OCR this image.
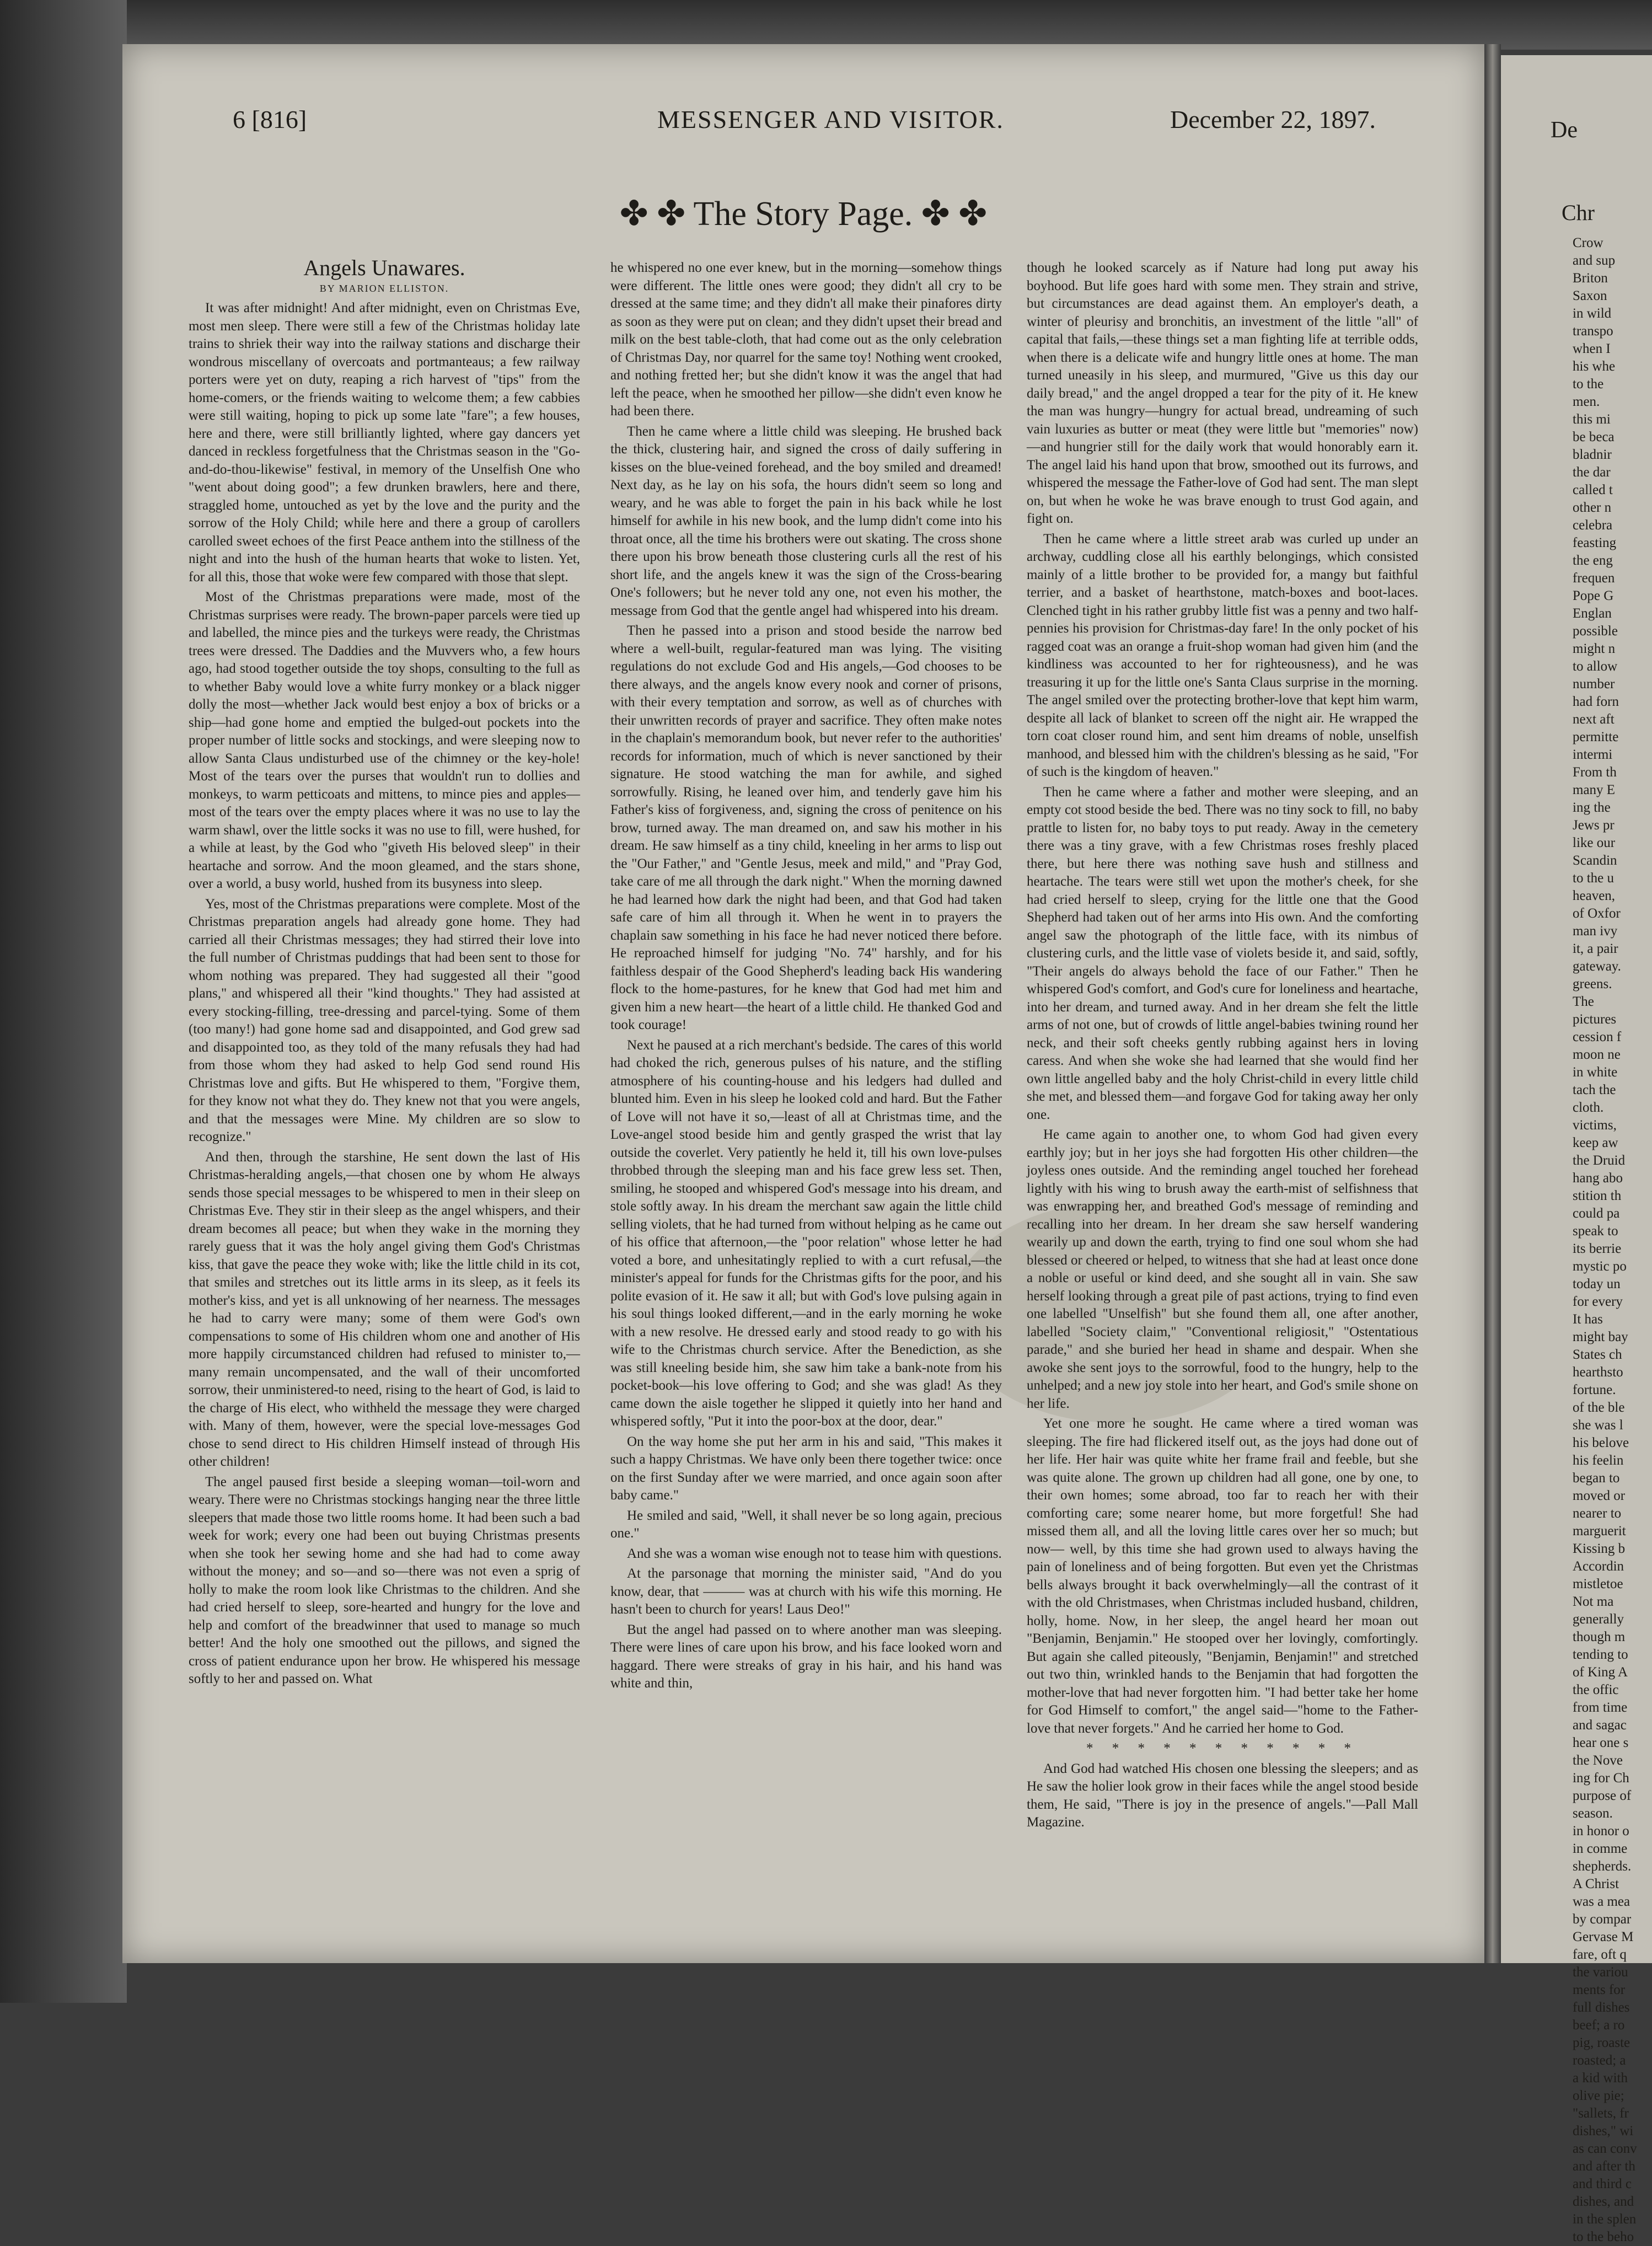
6 [816]	MESSENGER AND VISITOR.	December 22, 1897.
✤ ✤ The Story Page. ✤ ✤

Angels Unawares.

BY MARION ELLISTON.

It was after midnight! And after midnight, even on Christmas Eve, most men sleep. There were still a few of the Christmas holiday late trains to shriek their way into the railway stations and discharge their wondrous miscellany of overcoats and portmanteaus; a few railway porters were yet on duty, reaping a rich harvest of "tips" from the home-comers, or the friends waiting to welcome them; a few cabbies were still waiting, hoping to pick up some late "fare"; a few houses, here and there, were still brilliantly lighted, where gay dancers yet danced in reckless forgetfulness that the Christmas season in the "Go-and-do-thou-likewise" festival, in memory of the Unselfish One who "went about doing good"; a few drunken brawlers, here and there, straggled home, untouched as yet by the love and the purity and the sorrow of the Holy Child; while here and there a group of carollers carolled sweet echoes of the first Peace anthem into the stillness of the night and into the hush of the human hearts that woke to listen. Yet, for all this, those that woke were few compared with those that slept.

Most of the Christmas preparations were made, most of the Christmas surprises were ready. The brown-paper parcels were tied up and labelled, the mince pies and the turkeys were ready, the Christmas trees were dressed. The Daddies and the Muvvers who, a few hours ago, had stood together outside the toy shops, consulting to the full as to whether Baby would love a white furry monkey or a black nigger dolly the most—whether Jack would best enjoy a box of bricks or a ship—had gone home and emptied the bulged-out pockets into the proper number of little socks and stockings, and were sleeping now to allow Santa Claus undisturbed use of the chimney or the key-hole! Most of the tears over the purses that wouldn't run to dollies and monkeys, to warm petticoats and mittens, to mince pies and apples—most of the tears over the empty places where it was no use to lay the warm shawl, over the little socks it was no use to fill, were hushed, for a while at least, by the God who "giveth His beloved sleep" in their heartache and sorrow. And the moon gleamed, and the stars shone, over a world, a busy world, hushed from its busyness into sleep.

Yes, most of the Christmas preparations were complete. Most of the Christmas preparation angels had already gone home. They had carried all their Christmas messages; they had stirred their love into the full number of Christmas puddings that had been sent to those for whom nothing was prepared. They had suggested all their "good plans," and whispered all their "kind thoughts." They had assisted at every stocking-filling, tree-dressing and parcel-tying. Some of them (too many!) had gone home sad and disappointed, and God grew sad and disappointed too, as they told of the many refusals they had had from those whom they had asked to help God send round His Christmas love and gifts. But He whispered to them, "Forgive them, for they know not what they do. They knew not that you were angels, and that the messages were Mine. My children are so slow to recognize."

And then, through the starshine, He sent down the last of His Christmas-heralding angels,—that chosen one by whom He always sends those special messages to be whispered to men in their sleep on Christmas Eve. They stir in their sleep as the angel whispers, and their dream becomes all peace; but when they wake in the morning they rarely guess that it was the holy angel giving them God's Christmas kiss, that gave the peace they woke with; like the little child in its cot, that smiles and stretches out its little arms in its sleep, as it feels its mother's kiss, and yet is all unknowing of her nearness. The messages he had to carry were many; some of them were God's own compensations to some of His children whom one and another of His more happily circumstanced children had refused to minister to,—many remain uncompensated, and the wall of their uncomforted sorrow, their unministered-to need, rising to the heart of God, is laid to the charge of His elect, who withheld the message they were charged with. Many of them, however, were the special love-messages God chose to send direct to His children Himself instead of through His other children!

The angel paused first beside a sleeping woman—toil-worn and weary. There were no Christmas stockings hanging near the three little sleepers that made those two little rooms home. It had been such a bad week for work; every one had been out buying Christmas presents when she took her sewing home and she had had to come away without the money; and so—and so—there was not even a sprig of holly to make the room look like Christmas to the children. And she had cried herself to sleep, sore-hearted and hungry for the love and help and comfort of the breadwinner that used to manage so much better! And the holy one smoothed out the pillows, and signed the cross of patient endurance upon her brow. He whispered his message softly to her and passed on. What

he whispered no one ever knew, but in the morning—somehow things were different. The little ones were good; they didn't all cry to be dressed at the same time; and they didn't all make their pinafores dirty as soon as they were put on clean; and they didn't upset their bread and milk on the best table-cloth, that had come out as the only celebration of Christmas Day, nor quarrel for the same toy! Nothing went crooked, and nothing fretted her; but she didn't know it was the angel that had left the peace, when he smoothed her pillow—she didn't even know he had been there.

Then he came where a little child was sleeping. He brushed back the thick, clustering hair, and signed the cross of daily suffering in kisses on the blue-veined forehead, and the boy smiled and dreamed! Next day, as he lay on his sofa, the hours didn't seem so long and weary, and he was able to forget the pain in his back while he lost himself for awhile in his new book, and the lump didn't come into his throat once, all the time his brothers were out skating. The cross shone there upon his brow beneath those clustering curls all the rest of his short life, and the angels knew it was the sign of the Cross-bearing One's followers; but he never told any one, not even his mother, the message from God that the gentle angel had whispered into his dream.

Then he passed into a prison and stood beside the narrow bed where a well-built, regular-featured man was lying. The visiting regulations do not exclude God and His angels,—God chooses to be there always, and the angels know every nook and corner of prisons, with their every temptation and sorrow, as well as of churches with their unwritten records of prayer and sacrifice. They often make notes in the chaplain's memorandum book, but never refer to the authorities' records for information, much of which is never sanctioned by their signature. He stood watching the man for awhile, and sighed sorrowfully. Rising, he leaned over him, and tenderly gave him his Father's kiss of forgiveness, and, signing the cross of penitence on his brow, turned away. The man dreamed on, and saw his mother in his dream. He saw himself as a tiny child, kneeling in her arms to lisp out the "Our Father," and "Gentle Jesus, meek and mild," and "Pray God, take care of me all through the dark night." When the morning dawned he had learned how dark the night had been, and that God had taken safe care of him all through it. When he went in to prayers the chaplain saw something in his face he had never noticed there before. He reproached himself for judging "No. 74" harshly, and for his faithless despair of the Good Shepherd's leading back His wandering flock to the home-pastures, for he knew that God had met him and given him a new heart—the heart of a little child. He thanked God and took courage!

Next he paused at a rich merchant's bedside. The cares of this world had choked the rich, generous pulses of his nature, and the stifling atmosphere of his counting-house and his ledgers had dulled and blunted him. Even in his sleep he looked cold and hard. But the Father of Love will not have it so,—least of all at Christmas time, and the Love-angel stood beside him and gently grasped the wrist that lay outside the coverlet. Very patiently he held it, till his own love-pulses throbbed through the sleeping man and his face grew less set. Then, smiling, he stooped and whispered God's message into his dream, and stole softly away. In his dream the merchant saw again the little child selling violets, that he had turned from without helping as he came out of his office that afternoon,—the "poor relation" whose letter he had voted a bore, and unhesitatingly replied to with a curt refusal,—the minister's appeal for funds for the Christmas gifts for the poor, and his polite evasion of it. He saw it all; but with God's love pulsing again in his soul things looked different,—and in the early morning he woke with a new resolve. He dressed early and stood ready to go with his wife to the Christmas church service. After the Benediction, as she was still kneeling beside him, she saw him take a bank-note from his pocket-book—his love offering to God; and she was glad! As they came down the aisle together he slipped it quietly into her hand and whispered softly, "Put it into the poor-box at the door, dear."

On the way home she put her arm in his and said, "This makes it such a happy Christmas. We have only been there together twice: once on the first Sunday after we were married, and once again soon after baby came."

He smiled and said, "Well, it shall never be so long again, precious one."

And she was a woman wise enough not to tease him with questions.

At the parsonage that morning the minister said, "And do you know, dear, that ——— was at church with his wife this morning. He hasn't been to church for years! Laus Deo!"

But the angel had passed on to where another man was sleeping. There were lines of care upon his brow, and his face looked worn and haggard. There were streaks of gray in his hair, and his hand was white and thin,

though he looked scarcely as if Nature had long put away his boyhood. But life goes hard with some men. They strain and strive, but circumstances are dead against them. An employer's death, a winter of pleurisy and bronchitis, an investment of the little "all" of capital that fails,—these things set a man fighting life at terrible odds, when there is a delicate wife and hungry little ones at home. The man turned uneasily in his sleep, and murmured, "Give us this day our daily bread," and the angel dropped a tear for the pity of it. He knew the man was hungry—hungry for actual bread, undreaming of such vain luxuries as butter or meat (they were little but "memories" now)—and hungrier still for the daily work that would honorably earn it. The angel laid his hand upon that brow, smoothed out its furrows, and whispered the message the Father-love of God had sent. The man slept on, but when he woke he was brave enough to trust God again, and fight on.

Then he came where a little street arab was curled up under an archway, cuddling close all his earthly belongings, which consisted mainly of a little brother to be provided for, a mangy but faithful terrier, and a basket of hearthstone, match-boxes and boot-laces. Clenched tight in his rather grubby little fist was a penny and two half-pennies his provision for Christmas-day fare! In the only pocket of his ragged coat was an orange a fruit-shop woman had given him (and the kindliness was accounted to her for righteousness), and he was treasuring it up for the little one's Santa Claus surprise in the morning. The angel smiled over the protecting brother-love that kept him warm, despite all lack of blanket to screen off the night air. He wrapped the torn coat closer round him, and sent him dreams of noble, unselfish manhood, and blessed him with the children's blessing as he said, "For of such is the kingdom of heaven."

Then he came where a father and mother were sleeping, and an empty cot stood beside the bed. There was no tiny sock to fill, no baby prattle to listen for, no baby toys to put ready. Away in the cemetery there was a tiny grave, with a few Christmas roses freshly placed there, but here there was nothing save hush and stillness and heartache. The tears were still wet upon the mother's cheek, for she had cried herself to sleep, crying for the little one that the Good Shepherd had taken out of her arms into His own. And the comforting angel saw the photograph of the little face, with its nimbus of clustering curls, and the little vase of violets beside it, and said, softly, "Their angels do always behold the face of our Father." Then he whispered God's comfort, and God's cure for loneliness and heartache, into her dream, and turned away. And in her dream she felt the little arms of not one, but of crowds of little angel-babies twining round her neck, and their soft cheeks gently rubbing against hers in loving caress. And when she woke she had learned that she would find her own little angelled baby and the holy Christ-child in every little child she met, and blessed them—and forgave God for taking away her only one.

He came again to another one, to whom God had given every earthly joy; but in her joys she had forgotten His other children—the joyless ones outside. And the reminding angel touched her forehead lightly with his wing to brush away the earth-mist of selfishness that was enwrapping her, and breathed God's message of reminding and recalling into her dream. In her dream she saw herself wandering wearily up and down the earth, trying to find one soul whom she had blessed or cheered or helped, to witness that she had at least once done a noble or useful or kind deed, and she sought all in vain. She saw herself looking through a great pile of past actions, trying to find even one labelled "Unselfish" but she found them all, one after another, labelled "Society claim," "Conventional religiosit," "Ostentatious parade," and she buried her head in shame and despair. When she awoke she sent joys to the sorrowful, food to the hungry, help to the unhelped; and a new joy stole into her heart, and God's smile shone on her life.

Yet one more he sought. He came where a tired woman was sleeping. The fire had flickered itself out, as the joys had done out of her life. Her hair was quite white her frame frail and feeble, but she was quite alone. The grown up children had all gone, one by one, to their own homes; some abroad, too far to reach her with their comforting care; some nearer home, but more forgetful! She had missed them all, and all the loving little cares over her so much; but now— well, by this time she had grown used to always having the pain of loneliness and of being forgotten. But even yet the Christmas bells always brought it back overwhelmingly—all the contrast of it with the old Christmases, when Christmas included husband, children, holly, home. Now, in her sleep, the angel heard her moan out "Benjamin, Benjamin." He stooped over her lovingly, comfortingly. But again she called piteously, "Benjamin, Benjamin!" and stretched out two thin, wrinkled hands to the Benjamin that had forgotten the mother-love that had never forgotten him. "I had better take her home for God Himself to comfort," the angel said—"home to the Father-love that never forgets." And he carried her home to God.

* * * * * * * * * * *

And God had watched His chosen one blessing the sleepers; and as He saw the holier look grow in their faces while the angel stood beside them, He said, "There is joy in the presence of angels."—Pall Mall Magazine.

De
Chr
Crow
and sup
Briton
Saxon
in wild
transpo
when I
his whe
to the
men.
this mi
be beca
bladnir
the dar
called t
other n
celebra
feasting
the eng
frequen
Pope G
Englan
possible
might n
to allow
number
had forn
next aft
permitte
intermi
From th
many E
ing the
Jews pr
like our
Scandin
to the u
heaven,
of Oxfor
man ivy
it, a pair
gateway.
greens.
The
pictures
cession f
moon ne
in white
tach the
cloth.
victims,
keep aw
the Druid
hang abo
stition th
could pa
speak to
its berrie
mystic po
today un
for every
It has
might bay
States ch
hearthsto
fortune.
of the ble
she was l
his belove
his feelin
began to
moved or
nearer to
marguerit
Kissing b
Accordin
mistletoe
Not ma
generally
though m
tending to
of King A
the offic
from time
and sagac
hear one s
the Nove
ing for Ch
purpose of
season.
in honor o
in comme
shepherds.
A Christ
was a mea
by compar
Gervase M
fare, oft q
the variou
ments for
full dishes
beef; a ro
pig, roaste
roasted; a
a kid with
olive pie;
"sallets, fr
dishes," wi
as can conv
and after th
and third c
dishes, and
in the splen
to the beho
